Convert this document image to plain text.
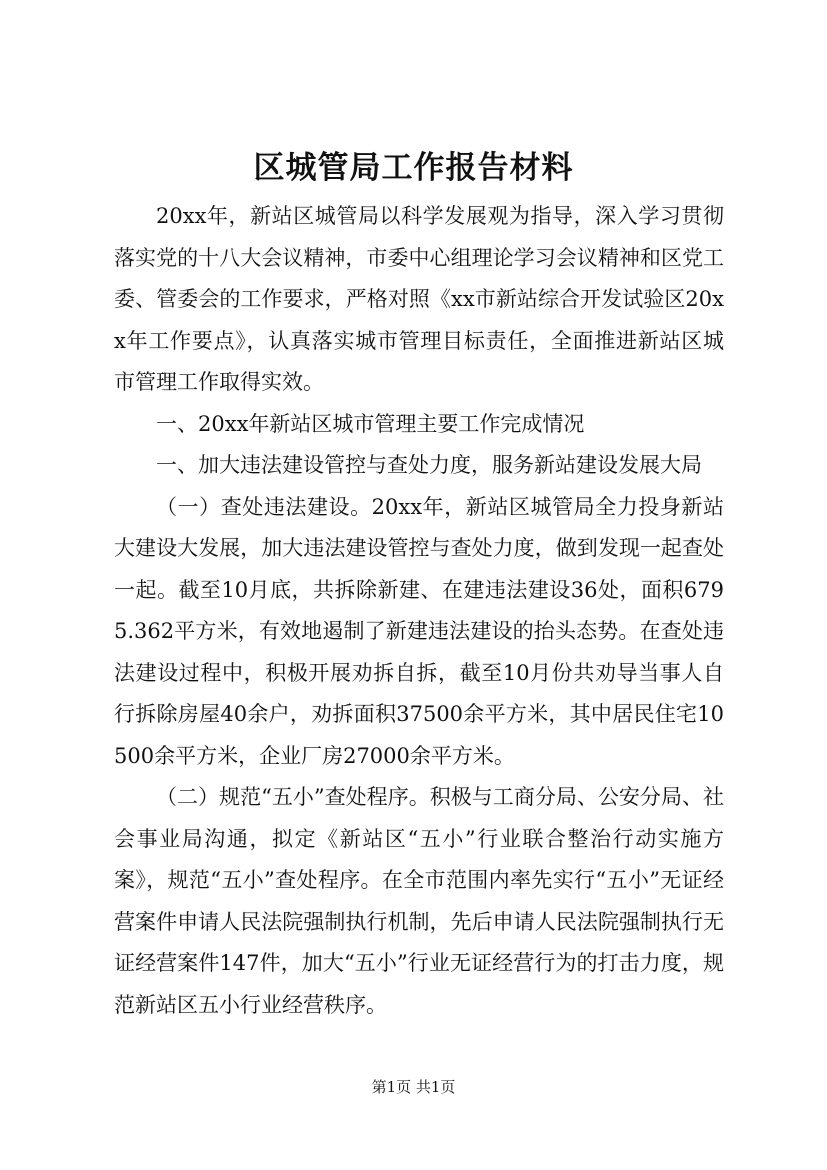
区城管局工作报告材料

20xx年，新站区城管局以科学发展观为指导，深入学习贯彻落实党的十八大会议精神，市委中心组理论学习会议精神和区党工委、管委会的工作要求，严格对照《xx市新站综合开发试验区20xx年工作要点》，认真落实城市管理目标责任，全面推进新站区城市管理工作取得实效。

一、20xx年新站区城市管理主要工作完成情况

一、加大违法建设管控与查处力度，服务新站建设发展大局

（一）查处违法建设。20xx年，新站区城管局全力投身新站大建设大发展，加大违法建设管控与查处力度，做到发现一起查处一起。截至10月底，共拆除新建、在建违法建设36处，面积6795.362平方米，有效地遏制了新建违法建设的抬头态势。在查处违法建设过程中，积极开展劝拆自拆，截至10月份共劝导当事人自行拆除房屋40余户，劝拆面积37500余平方米，其中居民住宅10500余平方米，企业厂房27000余平方米。

（二）规范“五小”查处程序。积极与工商分局、公安分局、社会事业局沟通，拟定《新站区“五小”行业联合整治行动实施方案》，规范“五小”查处程序。在全市范围内率先实行“五小”无证经营案件申请人民法院强制执行机制，先后申请人民法院强制执行无证经营案件147件，加大“五小”行业无证经营行为的打击力度，规范新站区五小行业经营秩序。

第1页 共1页
